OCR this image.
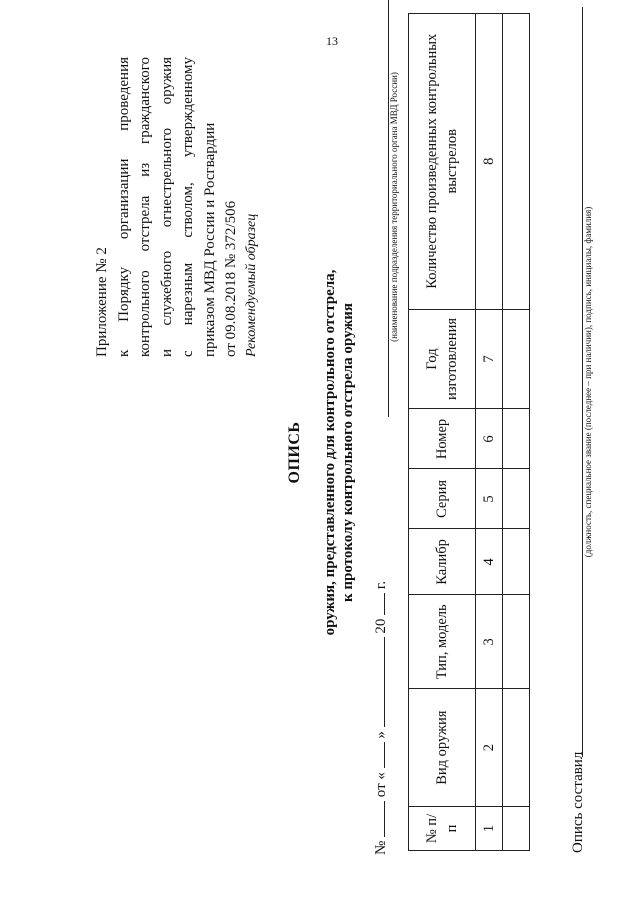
13
Приложение № 2 к Порядку организации проведения контрольного отстрела из гражданского и служебного огнестрельного оружия с нарезным стволом, утвержденному приказом МВД России и Росгвардии от 09.08.2018 № 372/506 Рекомендуемый образец
ОПИСЬ оружия, представленного для контрольного отстрела, к протоколу контрольного отстрела оружия
№  от «  »  20  г.
(наименование подразделения территориального органа МВД России)
№ п/п	Вид оружия	Тип, модель	Калибр	Серия	Номер	Год изготовления	Количество произведенных контрольных выстрелов
1	2	3	4	5	6	7	8

Опись составил
(должность, специальное звание (последнее – при наличии), подпись, инициалы, фамилия)
